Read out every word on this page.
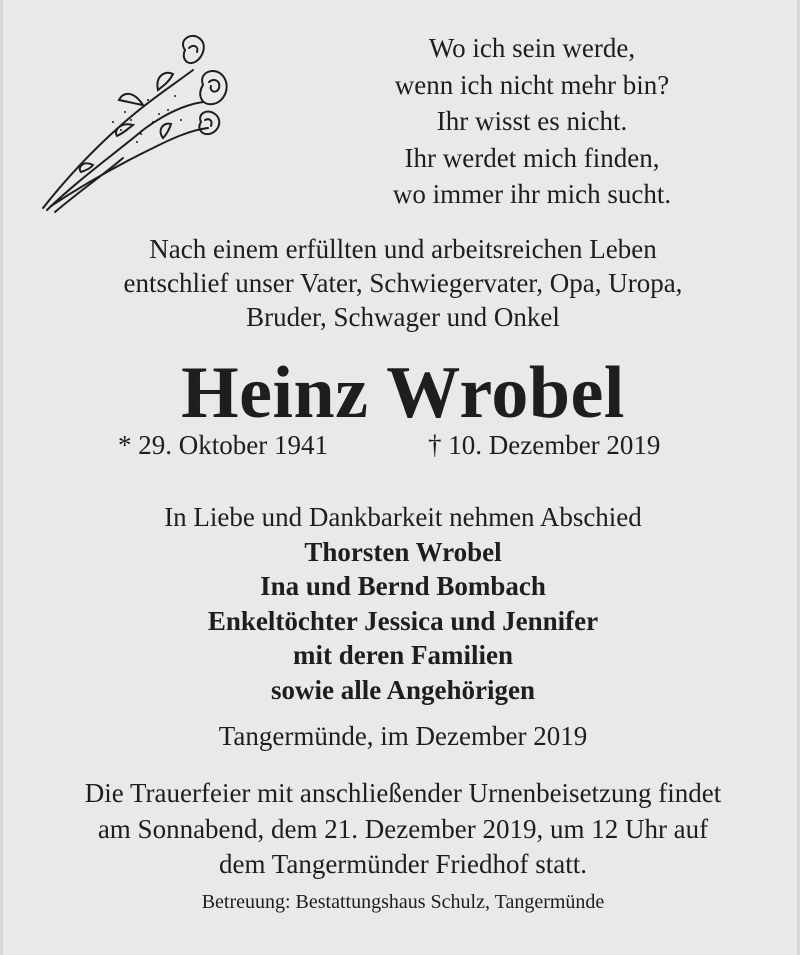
Wo ich sein werde,
wenn ich nicht mehr bin?
Ihr wisst es nicht.
Ihr werdet mich finden,
wo immer ihr mich sucht.
Nach einem erfüllten und arbeitsreichen Leben
entschlief unser Vater, Schwiegervater, Opa, Uropa,
Bruder, Schwager und Onkel
Heinz Wrobel
* 29. Oktober 1941	† 10. Dezember 2019
In Liebe und Dankbarkeit nehmen Abschied
Thorsten Wrobel
Ina und Bernd Bombach
Enkeltöchter Jessica und Jennifer
mit deren Familien
sowie alle Angehörigen
Tangermünde, im Dezember 2019
Die Trauerfeier mit anschließender Urnenbeisetzung findet
am Sonnabend, dem 21. Dezember 2019, um 12 Uhr auf
dem Tangermünder Friedhof statt.
Betreuung: Bestattungshaus Schulz, Tangermünde
